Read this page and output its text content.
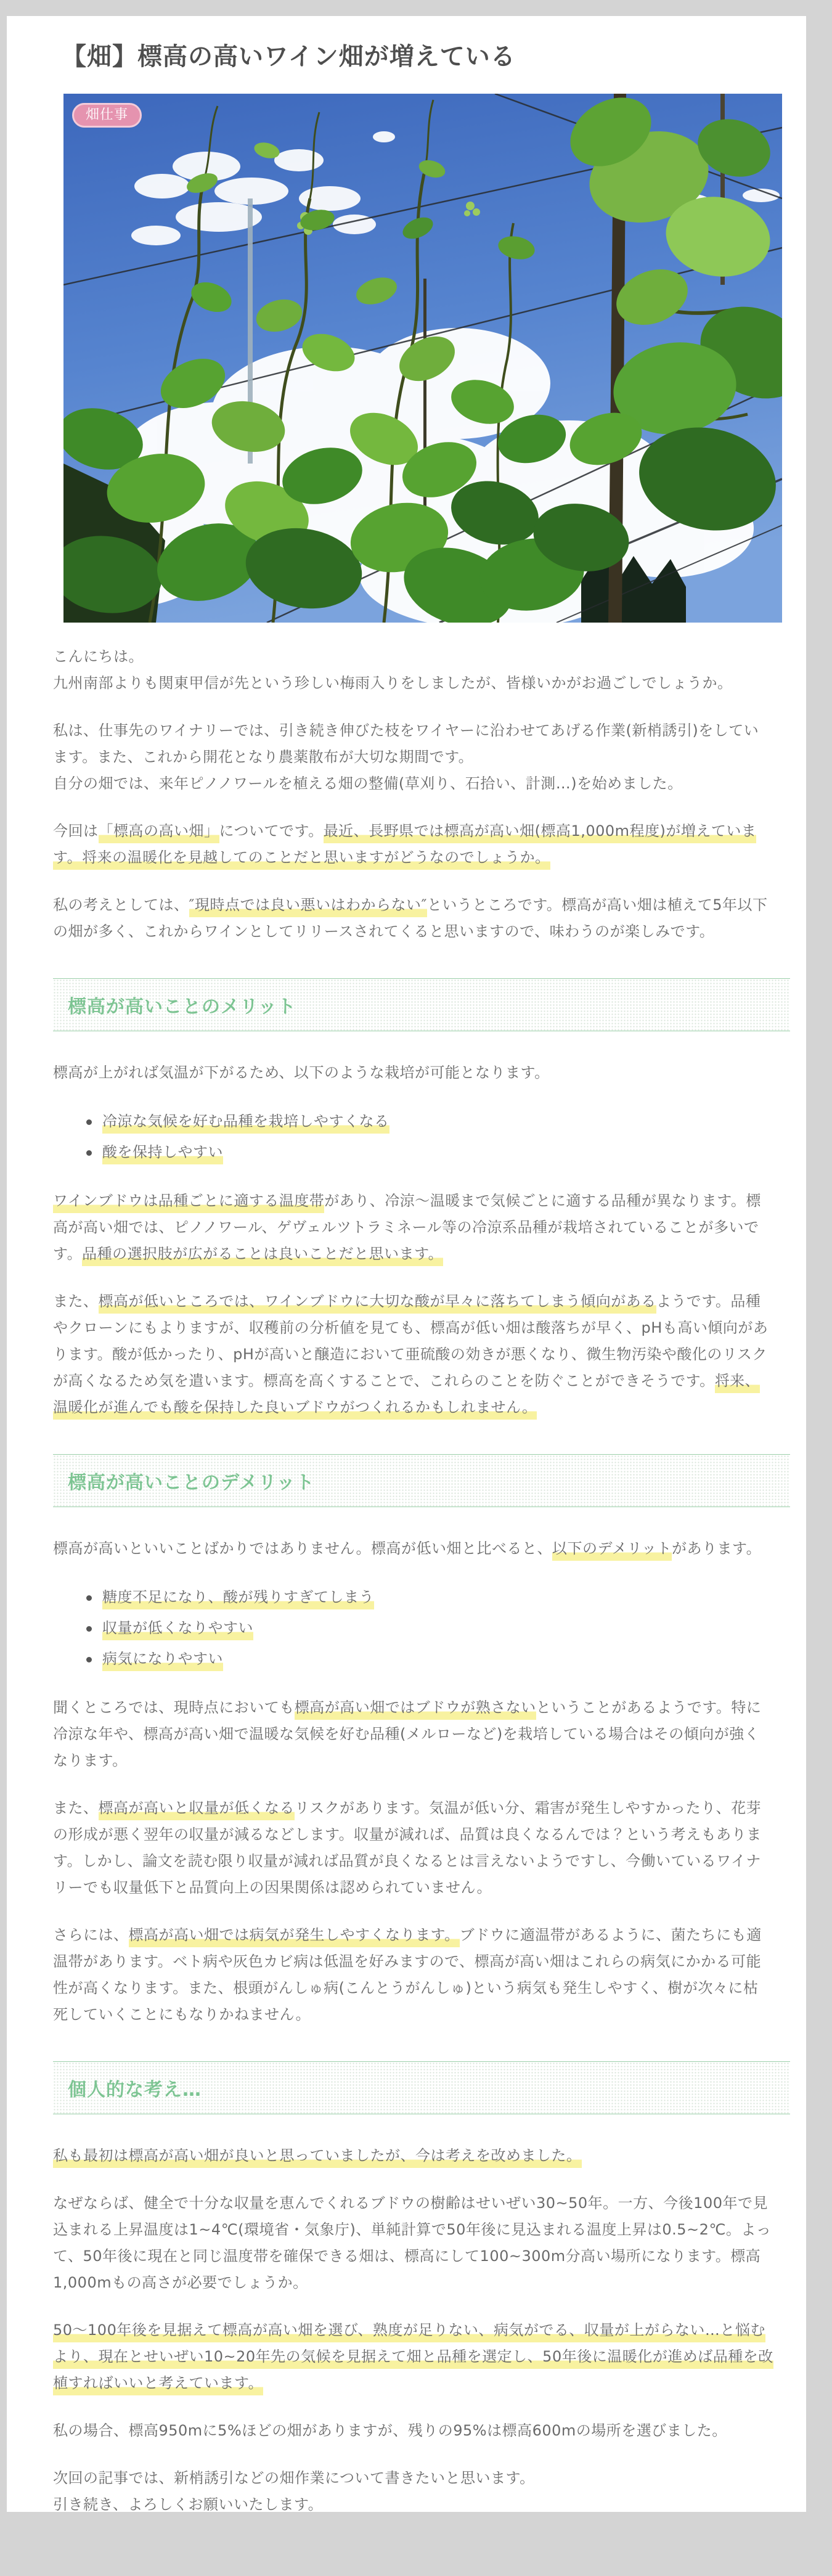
【畑】標高の高いワイン畑が増えている
畑仕事

こんにちは。
九州南部よりも関東甲信が先という珍しい梅雨入りをしましたが、皆様いかがお過ごしでしょうか。

私は、仕事先のワイナリーでは、引き続き伸びた枝をワイヤーに沿わせてあげる作業(新梢誘引)をしてい
ます。また、これから開花となり農薬散布が大切な期間です。
自分の畑では、来年ピノノワールを植える畑の整備(草刈り、石拾い、計測…)を始めました。

今回は「標高の高い畑」についてです。最近、長野県では標高が高い畑(標高1,000m程度)が増えていま
す。将来の温暖化を見越してのことだと思いますがどうなのでしょうか。

私の考えとしては、″現時点では良い悪いはわからない″というところです。標高が高い畑は植えて5年以下
の畑が多く、これからワインとしてリリースされてくると思いますので、味わうのが楽しみです。

標高が高いことのメリット

標高が上がれば気温が下がるため、以下のような栽培が可能となります。

冷涼な気候を好む品種を栽培しやすくなる
酸を保持しやすい

ワインブドウは品種ごとに適する温度帯があり、冷涼～温暖まで気候ごとに適する品種が異なります。標
高が高い畑では、ピノノワール、ゲヴェルツトラミネール等の冷涼系品種が栽培されていることが多いで
す。品種の選択肢が広がることは良いことだと思います。

また、標高が低いところでは、ワインブドウに大切な酸が早々に落ちてしまう傾向があるようです。品種
やクローンにもよりますが、収穫前の分析値を見ても、標高が低い畑は酸落ちが早く、pHも高い傾向があ
ります。酸が低かったり、pHが高いと醸造において亜硫酸の効きが悪くなり、微生物汚染や酸化のリスク
が高くなるため気を遣います。標高を高くすることで、これらのことを防ぐことができそうです。将来、
温暖化が進んでも酸を保持した良いブドウがつくれるかもしれません。

標高が高いことのデメリット

標高が高いといいことばかりではありません。標高が低い畑と比べると、以下のデメリットがあります。

糖度不足になり、酸が残りすぎてしまう
収量が低くなりやすい
病気になりやすい

聞くところでは、現時点においても標高が高い畑ではブドウが熟さないということがあるようです。特に
冷涼な年や、標高が高い畑で温暖な気候を好む品種(メルローなど)を栽培している場合はその傾向が強く
なります。

また、標高が高いと収量が低くなるリスクがあります。気温が低い分、霜害が発生しやすかったり、花芽
の形成が悪く翌年の収量が減るなどします。収量が減れば、品質は良くなるんでは？という考えもありま
す。しかし、論文を読む限り収量が減れば品質が良くなるとは言えないようですし、今働いているワイナ
リーでも収量低下と品質向上の因果関係は認められていません。

さらには、標高が高い畑では病気が発生しやすくなります。ブドウに適温帯があるように、菌たちにも適
温帯があります。ベト病や灰色カビ病は低温を好みますので、標高が高い畑はこれらの病気にかかる可能
性が高くなります。また、根頭がんしゅ病(こんとうがんしゅ)という病気も発生しやすく、樹が次々に枯
死していくことにもなりかねません。

個人的な考え…

私も最初は標高が高い畑が良いと思っていましたが、今は考えを改めました。

なぜならば、健全で十分な収量を恵んでくれるブドウの樹齢はせいぜい30~50年。一方、今後100年で見
込まれる上昇温度は1~4℃(環境省・気象庁)、単純計算で50年後に見込まれる温度上昇は0.5~2℃。よっ
て、50年後に現在と同じ温度帯を確保できる畑は、標高にして100~300m分高い場所になります。標高
1,000mもの高さが必要でしょうか。

50～100年後を見据えて標高が高い畑を選び、熟度が足りない、病気がでる、収量が上がらない…と悩む
より、現在とせいぜい10~20年先の気候を見据えて畑と品種を選定し、50年後に温暖化が進めば品種を改
植すればいいと考えています。

私の場合、標高950mに5%ほどの畑がありますが、残りの95%は標高600mの場所を選びました。

次回の記事では、新梢誘引などの畑作業について書きたいと思います。
引き続き、よろしくお願いいたします。
